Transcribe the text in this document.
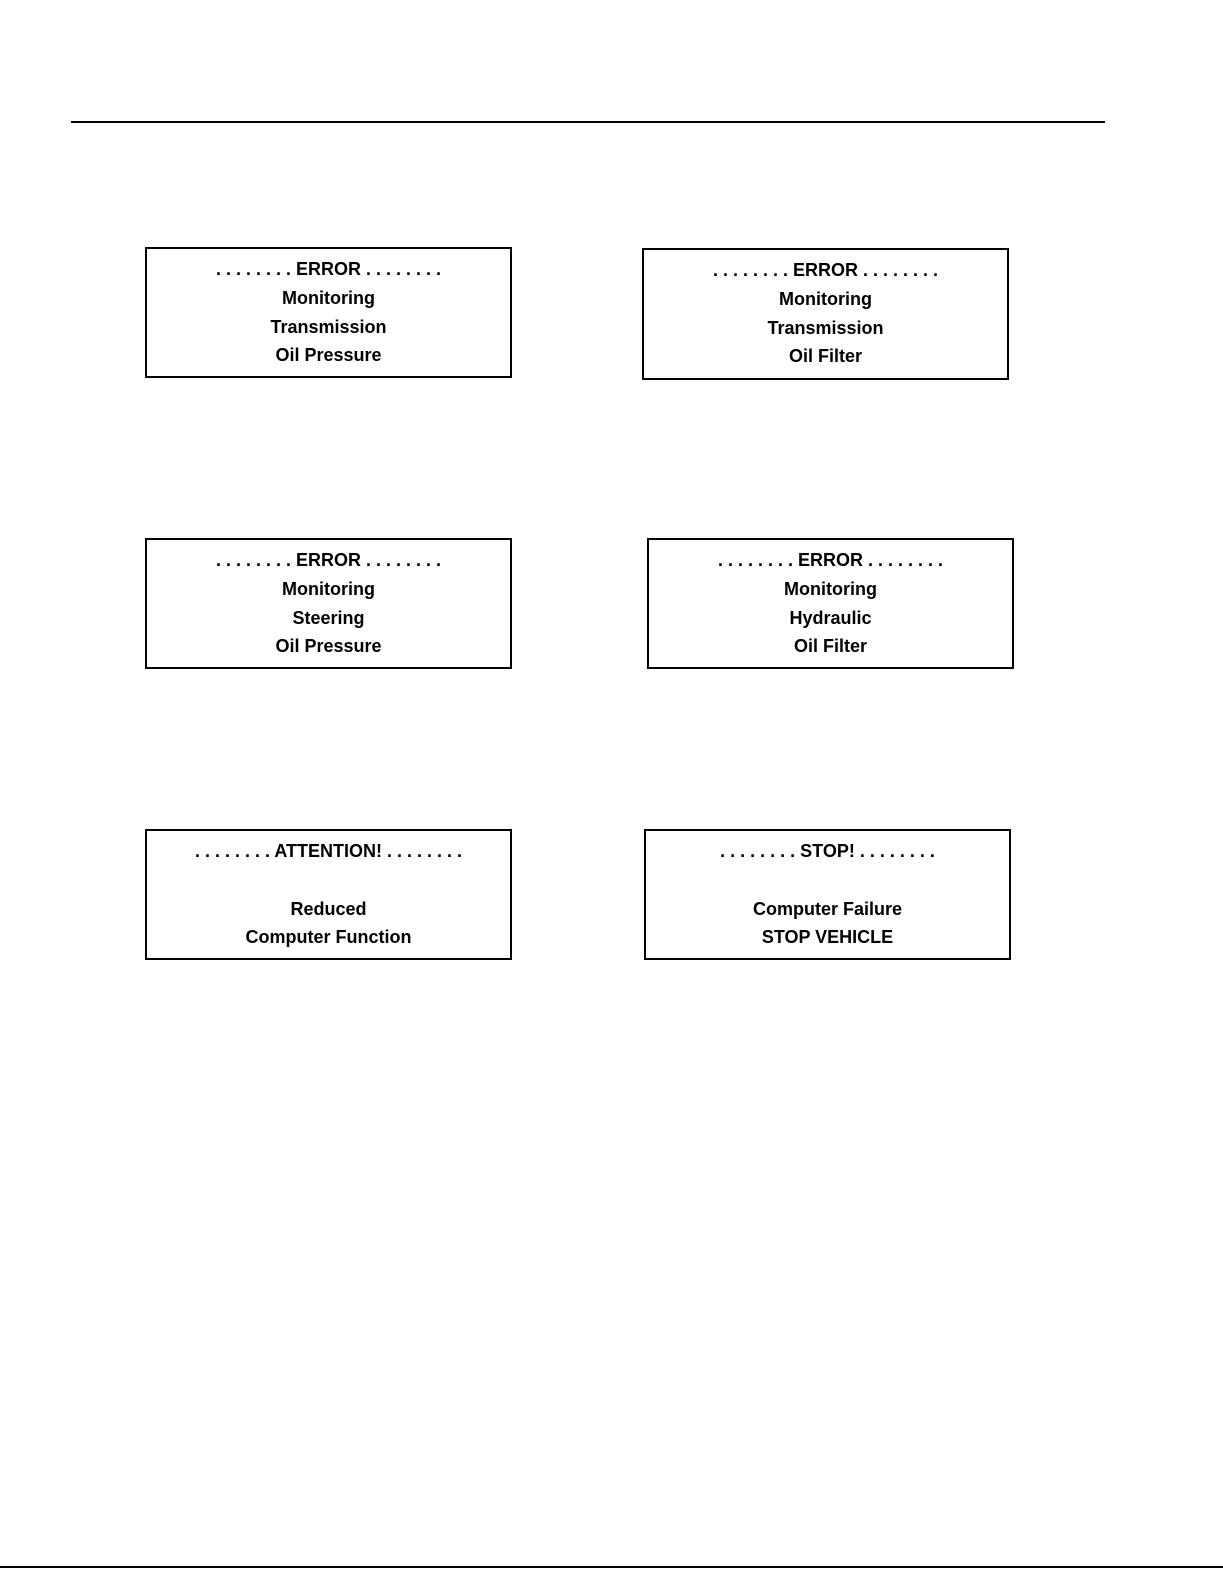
. . . . . . . . ERROR . . . . . . . .
Monitoring
Transmission
Oil Pressure
. . . . . . . . ERROR . . . . . . . .
Monitoring
Transmission
Oil Filter
. . . . . . . . ERROR . . . . . . . .
Monitoring
Steering
Oil Pressure
. . . . . . . . ERROR . . . . . . . .
Monitoring
Hydraulic
Oil Filter
. . . . . . . . ATTENTION! . . . . . . . .
Reduced
Computer Function
. . . . . . . . STOP! . . . . . . . .
Computer Failure
STOP VEHICLE
